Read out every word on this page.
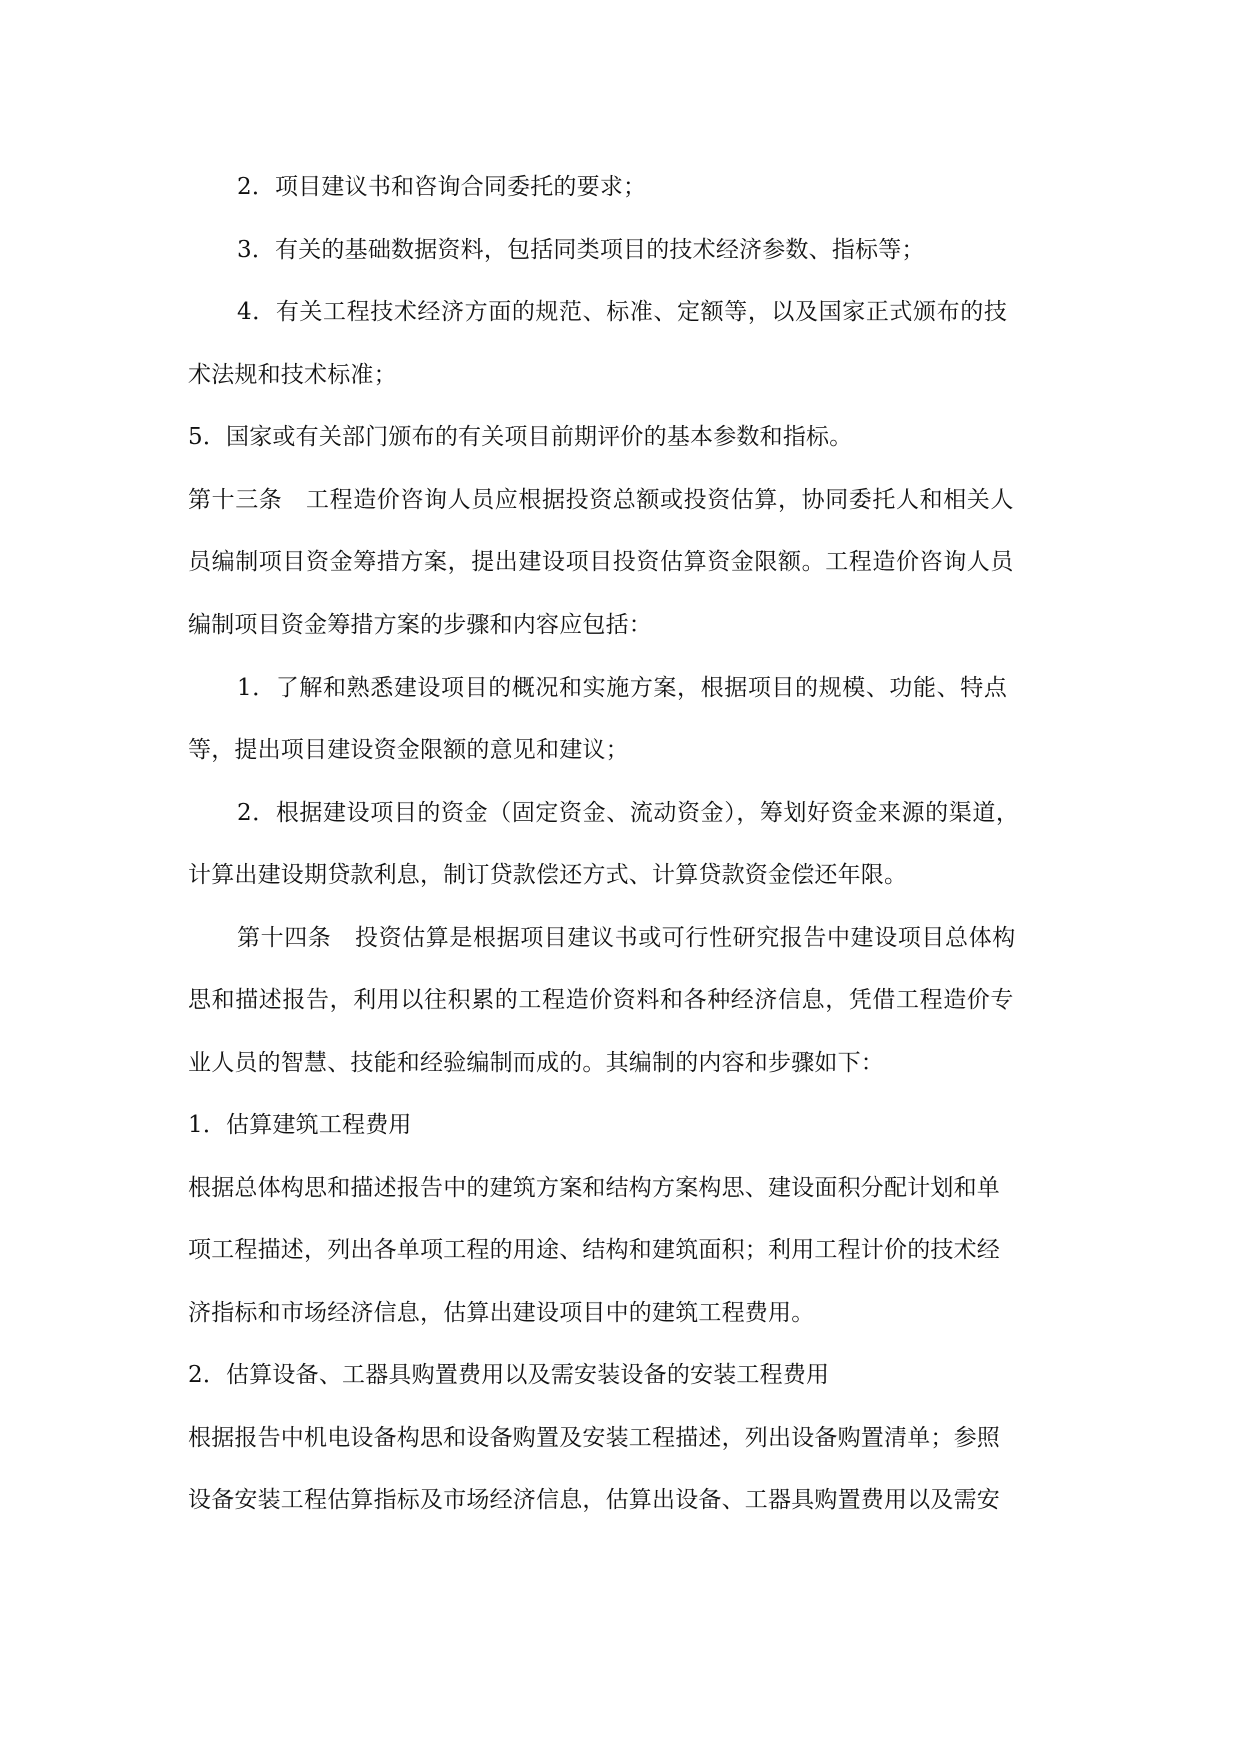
2．项目建议书和咨询合同委托的要求；
3．有关的基础数据资料，包括同类项目的技术经济参数、指标等；
4．有关工程技术经济方面的规范、标准、定额等，以及国家正式颁布的技
术法规和技术标准；
5．国家或有关部门颁布的有关项目前期评价的基本参数和指标。
第十三条　工程造价咨询人员应根据投资总额或投资估算，协同委托人和相关人
员编制项目资金筹措方案，提出建设项目投资估算资金限额。工程造价咨询人员
编制项目资金筹措方案的步骤和内容应包括：
1．了解和熟悉建设项目的概况和实施方案，根据项目的规模、功能、特点
等，提出项目建设资金限额的意见和建议；
2．根据建设项目的资金（固定资金、流动资金），筹划好资金来源的渠道，
计算出建设期贷款利息，制订贷款偿还方式、计算贷款资金偿还年限。
第十四条　投资估算是根据项目建议书或可行性研究报告中建设项目总体构
思和描述报告，利用以往积累的工程造价资料和各种经济信息，凭借工程造价专
业人员的智慧、技能和经验编制而成的。其编制的内容和步骤如下：
1．估算建筑工程费用
根据总体构思和描述报告中的建筑方案和结构方案构思、建设面积分配计划和单
项工程描述，列出各单项工程的用途、结构和建筑面积；利用工程计价的技术经
济指标和市场经济信息，估算出建设项目中的建筑工程费用。
2．估算设备、工器具购置费用以及需安装设备的安装工程费用
根据报告中机电设备构思和设备购置及安装工程描述，列出设备购置清单；参照
设备安装工程估算指标及市场经济信息，估算出设备、工器具购置费用以及需安
